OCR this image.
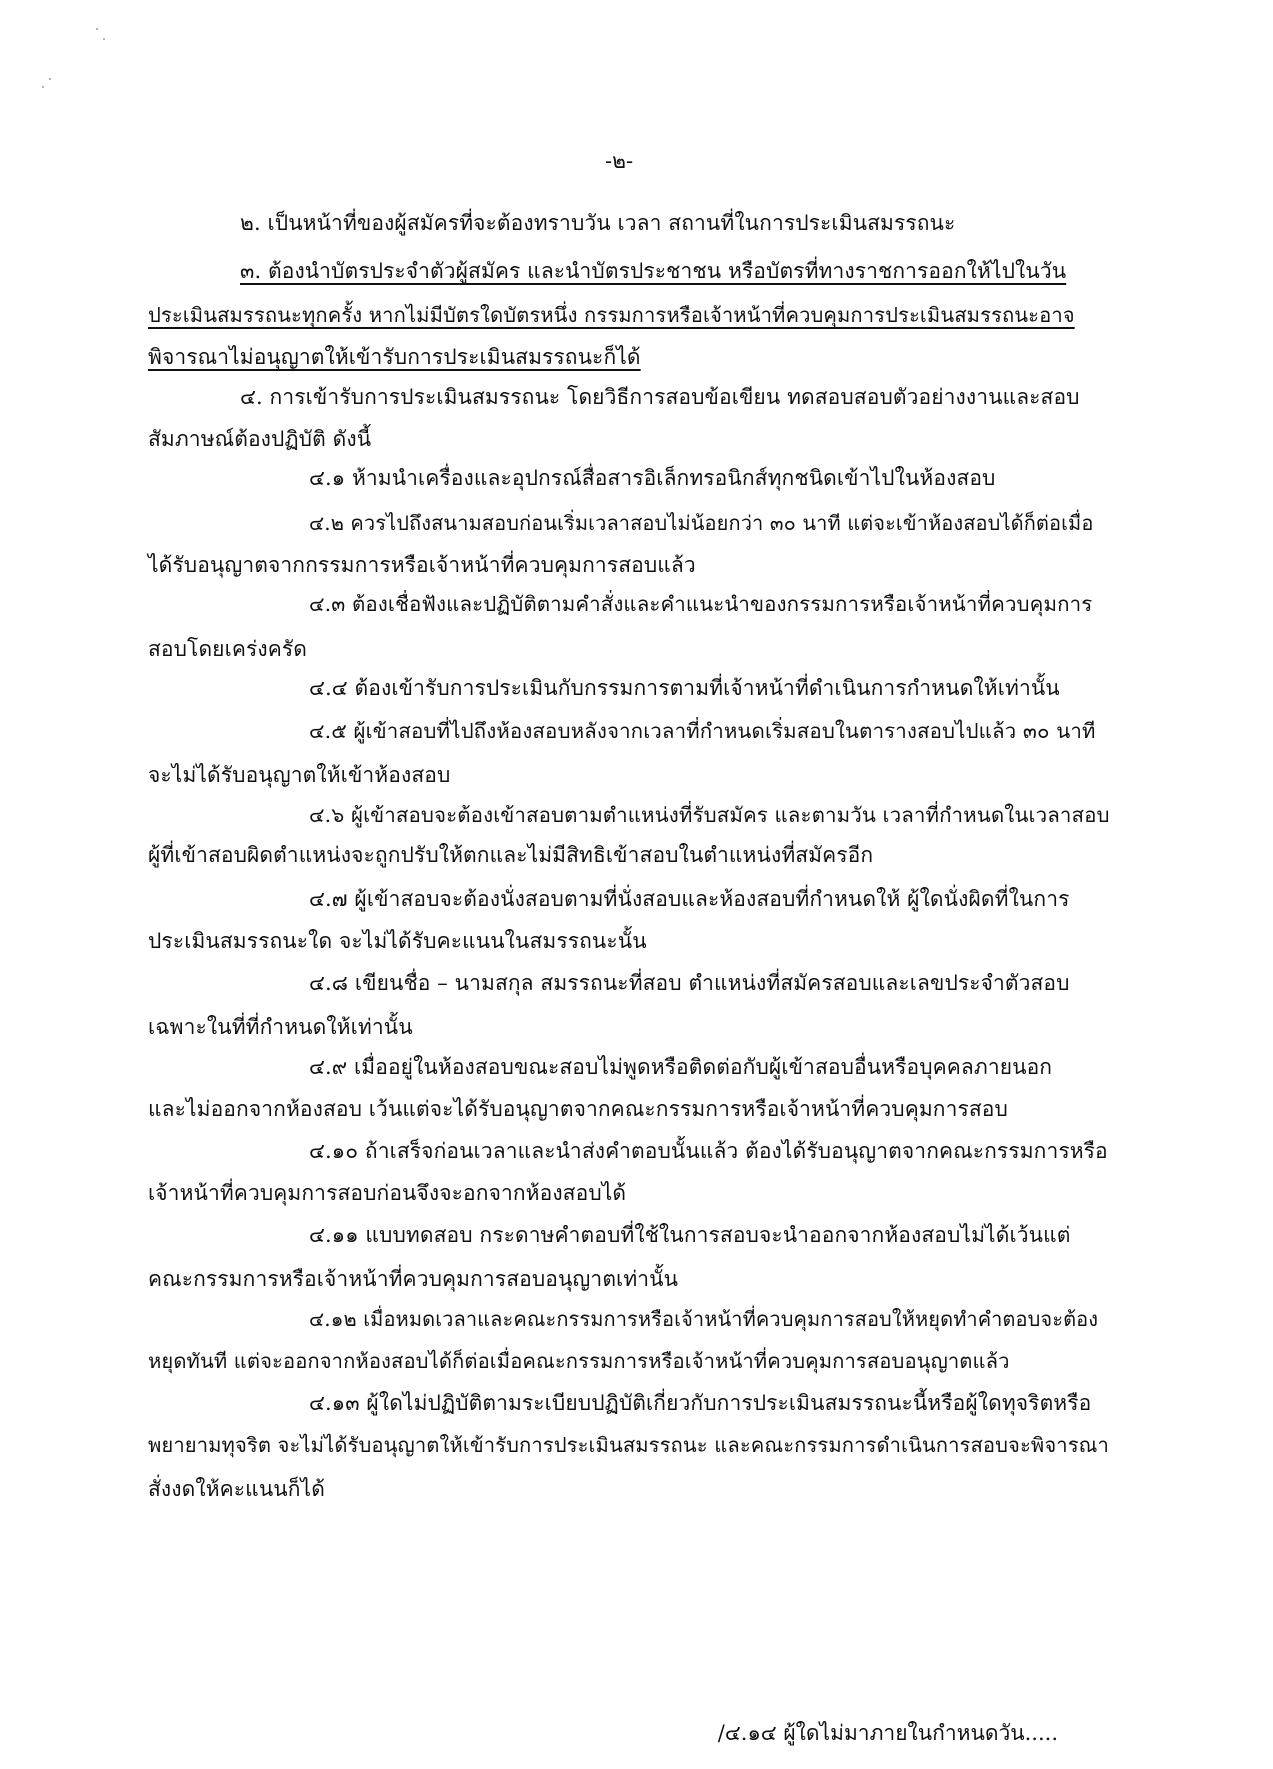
-๒-
๒. เป็นหน้าที่ของผู้สมัครที่จะต้องทราบวัน เวลา สถานที่ในการประเมินสมรรถนะ
๓. ต้องนำบัตรประจำตัวผู้สมัคร และนำบัตรประชาชน หรือบัตรที่ทางราชการออกให้ไปในวัน
ประเมินสมรรถนะทุกครั้ง หากไม่มีบัตรใดบัตรหนึ่ง กรรมการหรือเจ้าหน้าที่ควบคุมการประเมินสมรรถนะอาจ
พิจารณาไม่อนุญาตให้เข้ารับการประเมินสมรรถนะก็ได้
๔. การเข้ารับการประเมินสมรรถนะ โดยวิธีการสอบข้อเขียน ทดสอบสอบตัวอย่างงานและสอบ
สัมภาษณ์ต้องปฏิบัติ ดังนี้
๔.๑ ห้ามนำเครื่องและอุปกรณ์สื่อสารอิเล็กทรอนิกส์ทุกชนิดเข้าไปในห้องสอบ
๔.๒ ควรไปถึงสนามสอบก่อนเริ่มเวลาสอบไม่น้อยกว่า ๓๐ นาที แต่จะเข้าห้องสอบได้ก็ต่อเมื่อ
ได้รับอนุญาตจากกรรมการหรือเจ้าหน้าที่ควบคุมการสอบแล้ว
๔.๓ ต้องเชื่อฟังและปฏิบัติตามคำสั่งและคำแนะนำของกรรมการหรือเจ้าหน้าที่ควบคุมการ
สอบโดยเคร่งครัด
๔.๔ ต้องเข้ารับการประเมินกับกรรมการตามที่เจ้าหน้าที่ดำเนินการกำหนดให้เท่านั้น
๔.๕ ผู้เข้าสอบที่ไปถึงห้องสอบหลังจากเวลาที่กำหนดเริ่มสอบในตารางสอบไปแล้ว ๓๐ นาที
จะไม่ได้รับอนุญาตให้เข้าห้องสอบ
๔.๖ ผู้เข้าสอบจะต้องเข้าสอบตามตำแหน่งที่รับสมัคร และตามวัน เวลาที่กำหนดในเวลาสอบ
ผู้ที่เข้าสอบผิดตำแหน่งจะถูกปรับให้ตกและไม่มีสิทธิเข้าสอบในตำแหน่งที่สมัครอีก
๔.๗ ผู้เข้าสอบจะต้องนั่งสอบตามที่นั่งสอบและห้องสอบที่กำหนดให้ ผู้ใดนั่งผิดที่ในการ
ประเมินสมรรถนะใด จะไม่ได้รับคะแนนในสมรรถนะนั้น
๔.๘ เขียนชื่อ – นามสกุล สมรรถนะที่สอบ ตำแหน่งที่สมัครสอบและเลขประจำตัวสอบ
เฉพาะในที่ที่กำหนดให้เท่านั้น
๔.๙ เมื่ออยู่ในห้องสอบขณะสอบไม่พูดหรือติดต่อกับผู้เข้าสอบอื่นหรือบุคคลภายนอก
และไม่ออกจากห้องสอบ เว้นแต่จะได้รับอนุญาตจากคณะกรรมการหรือเจ้าหน้าที่ควบคุมการสอบ
๔.๑๐ ถ้าเสร็จก่อนเวลาและนำส่งคำตอบนั้นแล้ว ต้องได้รับอนุญาตจากคณะกรรมการหรือ
เจ้าหน้าที่ควบคุมการสอบก่อนจึงจะอกจากห้องสอบได้
๔.๑๑ แบบทดสอบ กระดาษคำตอบที่ใช้ในการสอบจะนำออกจากห้องสอบไม่ได้เว้นแต่
คณะกรรมการหรือเจ้าหน้าที่ควบคุมการสอบอนุญาตเท่านั้น
๔.๑๒ เมื่อหมดเวลาและคณะกรรมการหรือเจ้าหน้าที่ควบคุมการสอบให้หยุดทำคำตอบจะต้อง
หยุดทันที แต่จะออกจากห้องสอบได้ก็ต่อเมื่อคณะกรรมการหรือเจ้าหน้าที่ควบคุมการสอบอนุญาตแล้ว
๔.๑๓ ผู้ใดไม่ปฏิบัติตามระเบียบปฏิบัติเกี่ยวกับการประเมินสมรรถนะนี้หรือผู้ใดทุจริตหรือ
พยายามทุจริต จะไม่ได้รับอนุญาตให้เข้ารับการประเมินสมรรถนะ และคณะกรรมการดำเนินการสอบจะพิจารณา
สั่งงดให้คะแนนก็ได้
/๔.๑๔ ผู้ใดไม่มาภายในกำหนดวัน.....
